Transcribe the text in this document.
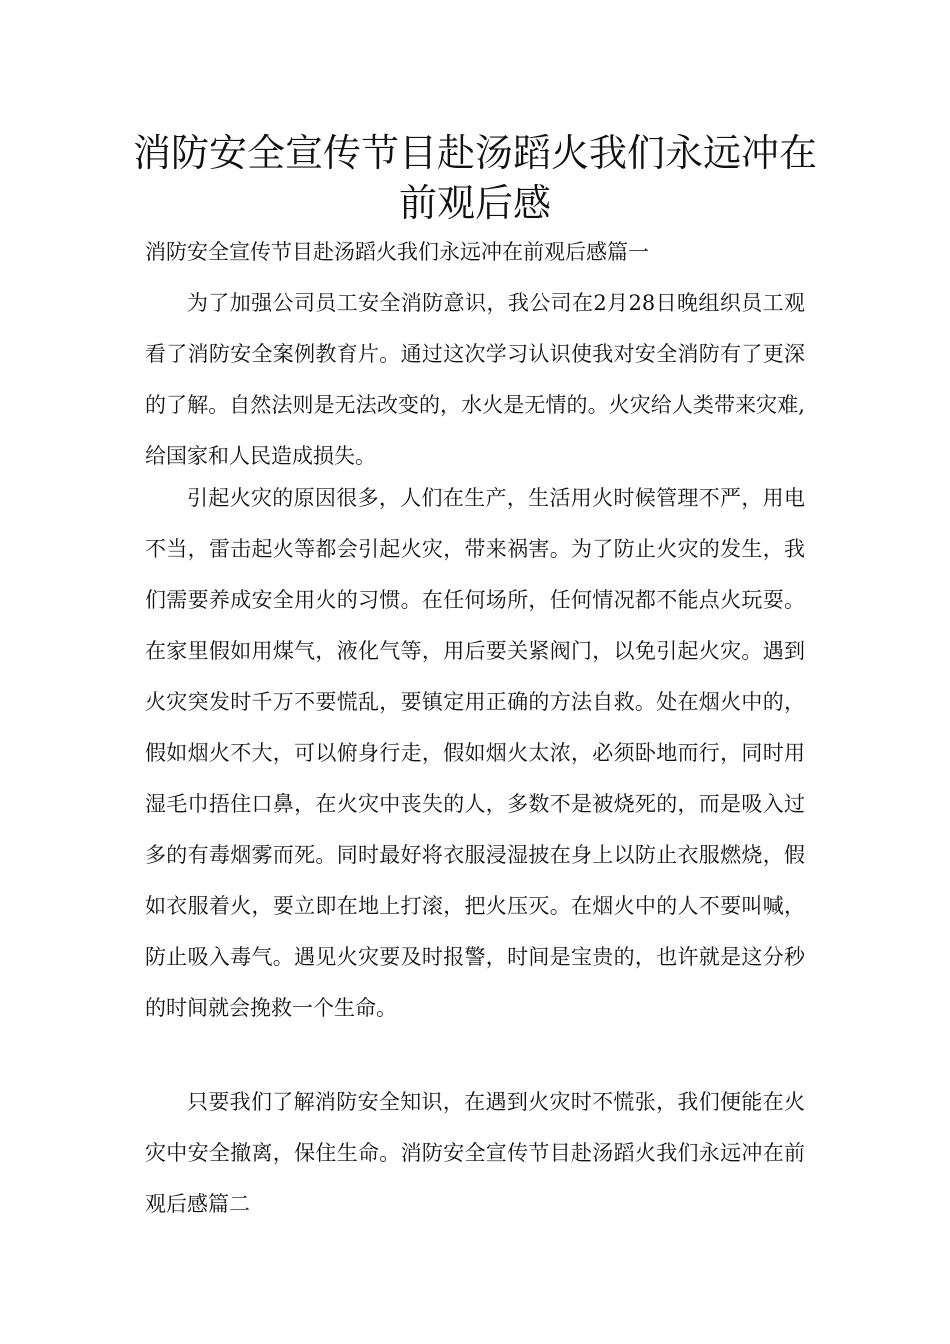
消防安全宣传节目赴汤蹈火我们永远冲在前观后感

消防安全宣传节目赴汤蹈火我们永远冲在前观后感篇一

为了加强公司员工安全消防意识，我公司在2月28日晚组织员工观看了消防安全案例教育片。通过这次学习认识使我对安全消防有了更深的了解。自然法则是无法改变的，水火是无情的。火灾给人类带来灾难,给国家和人民造成损失。

引起火灾的原因很多，人们在生产，生活用火时候管理不严，用电不当，雷击起火等都会引起火灾，带来祸害。为了防止火灾的发生，我们需要养成安全用火的习惯。在任何场所，任何情况都不能点火玩耍。在家里假如用煤气，液化气等，用后要关紧阀门，以免引起火灾。遇到火灾突发时千万不要慌乱，要镇定用正确的方法自救。处在烟火中的，假如烟火不大，可以俯身行走，假如烟火太浓，必须卧地而行，同时用湿毛巾捂住口鼻，在火灾中丧失的人，多数不是被烧死的，而是吸入过多的有毒烟雾而死。同时最好将衣服浸湿披在身上以防止衣服燃烧，假如衣服着火，要立即在地上打滚，把火压灭。在烟火中的人不要叫喊，防止吸入毒气。遇见火灾要及时报警，时间是宝贵的，也许就是这分秒的时间就会挽救一个生命。

只要我们了解消防安全知识，在遇到火灾时不慌张，我们便能在火灾中安全撤离，保住生命。消防安全宣传节目赴汤蹈火我们永远冲在前观后感篇二
